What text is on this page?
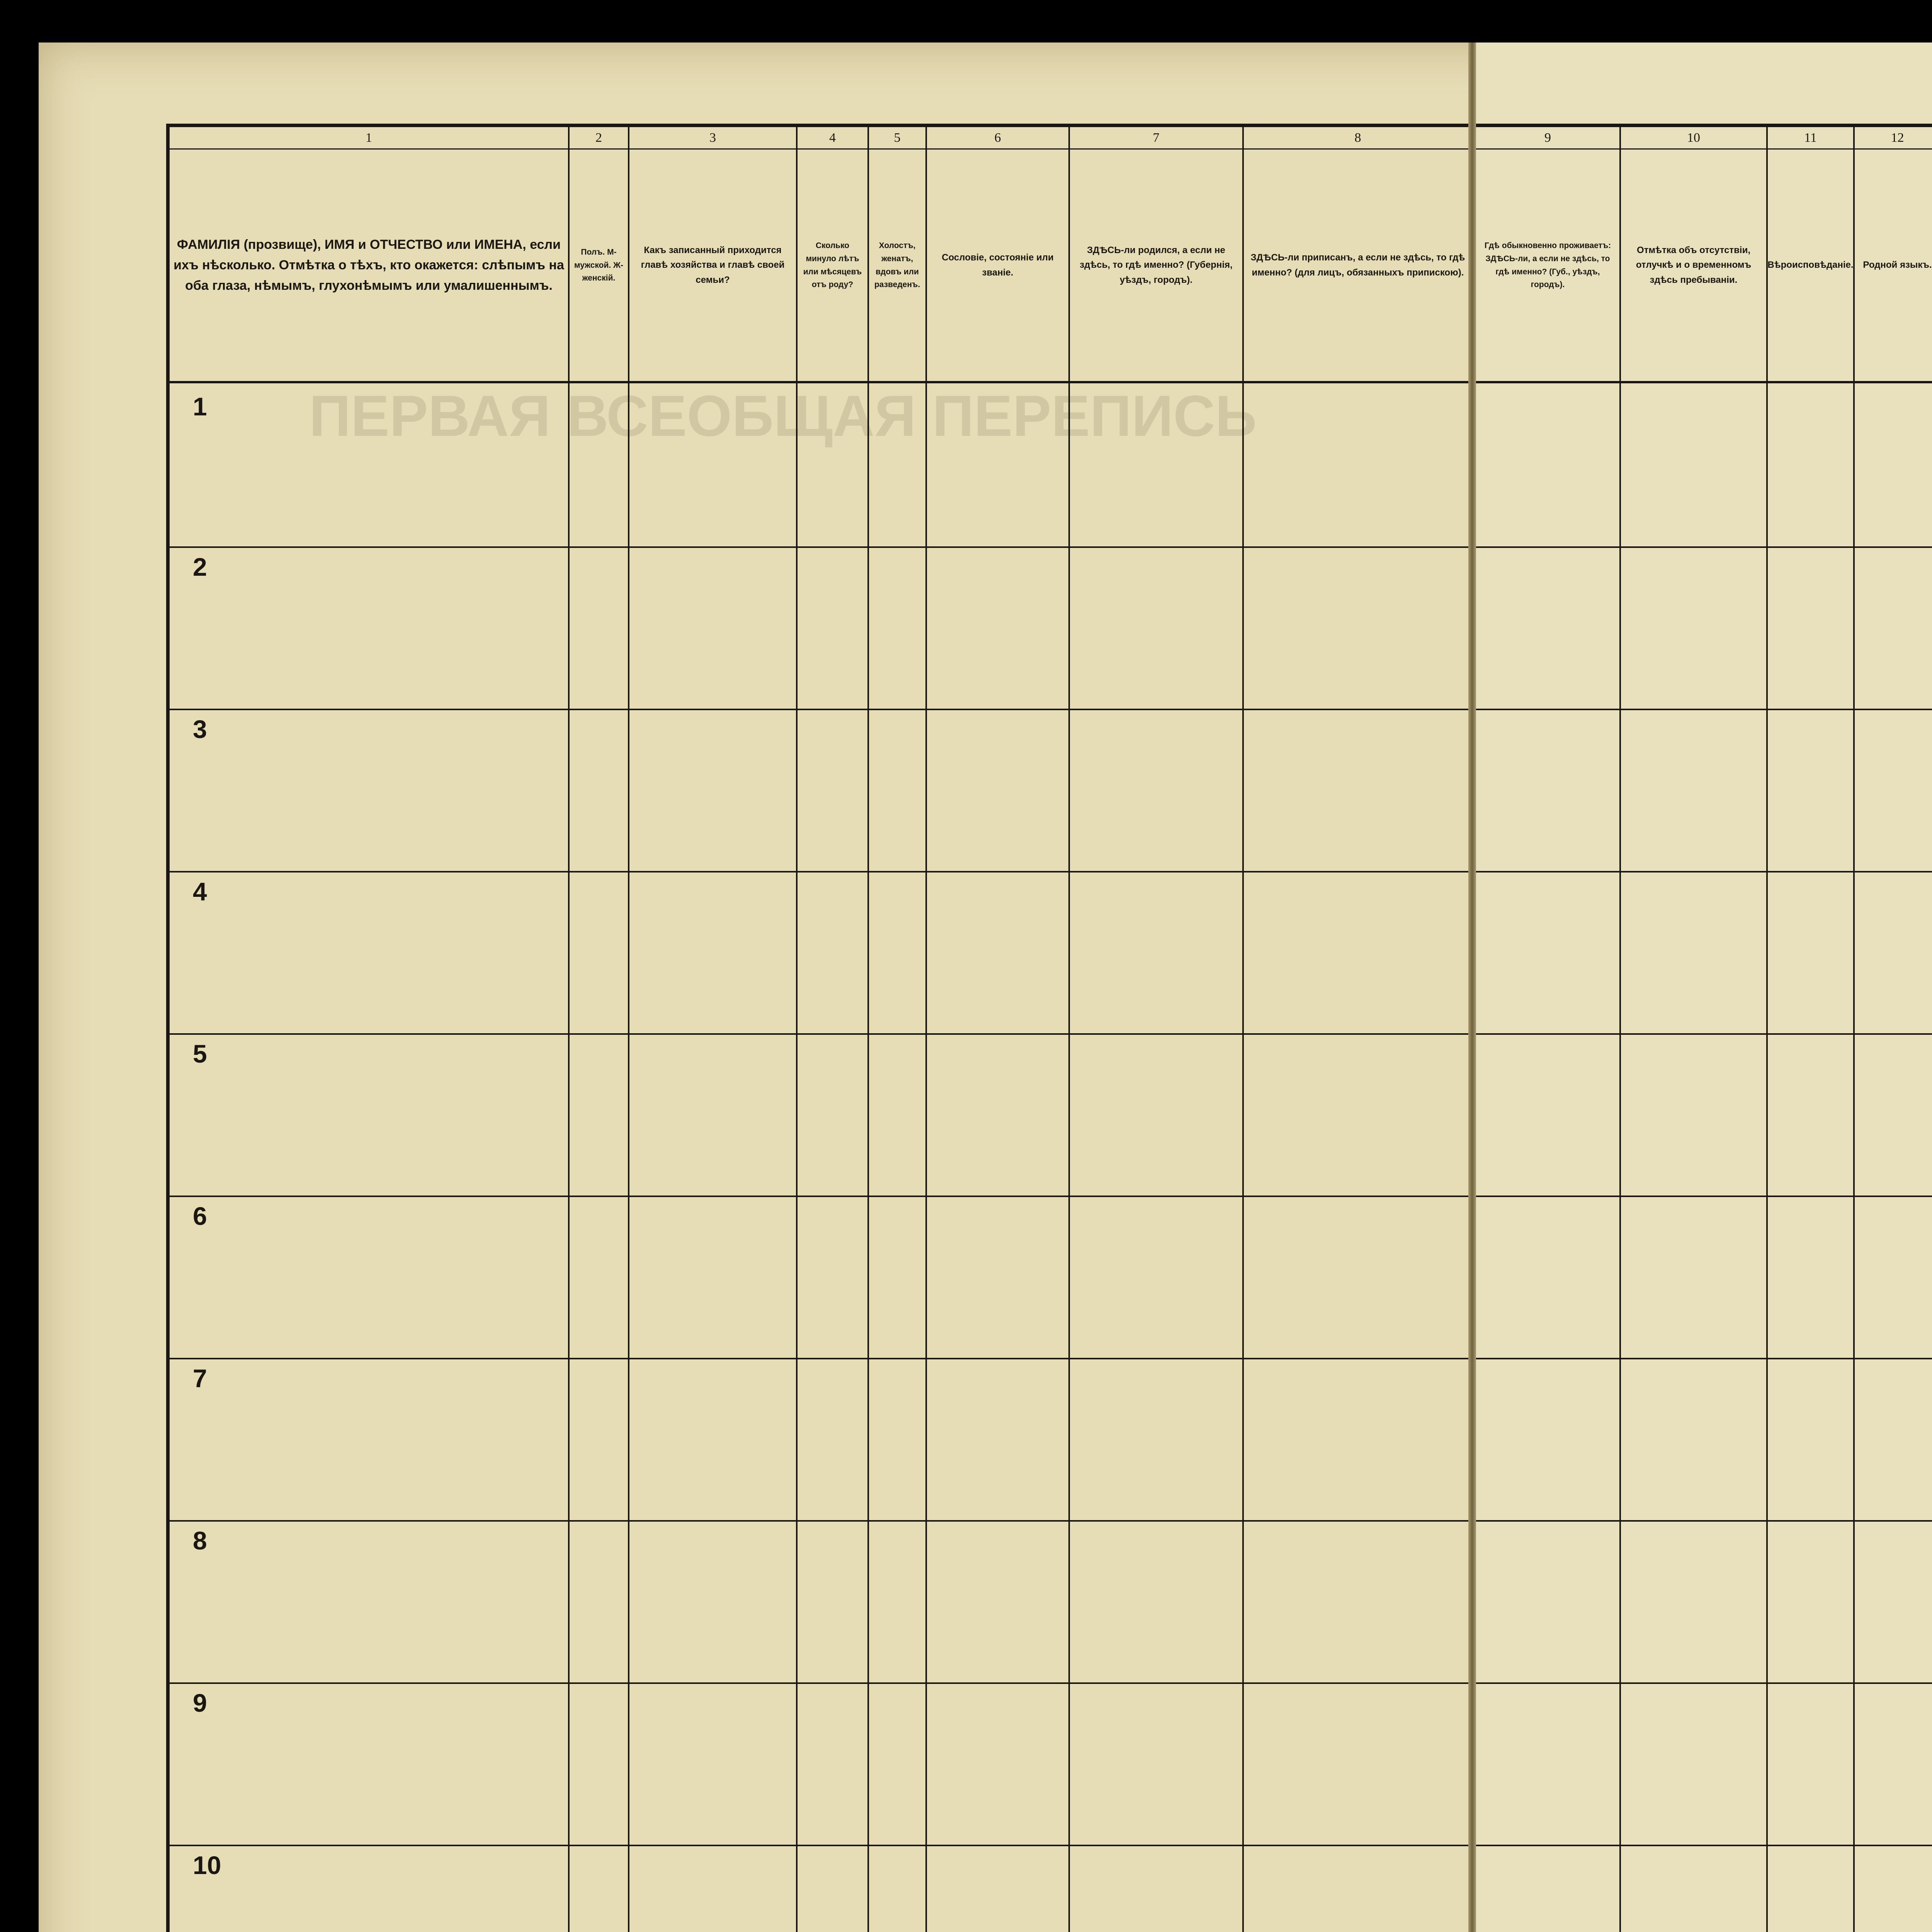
ПЕРВАЯ ВСЕОБЩАЯ ПЕРЕПИСЬ
1
ФАМИЛІЯ (прозвище), ИМЯ и ОТЧЕСТВО или ИМЕНА, если ихъ нѣсколько. Отмѣтка о тѣхъ, кто окажется: слѣпымъ на оба глаза, нѣмымъ, глухонѣмымъ или умалишеннымъ.
2
Полъ. М-мужской. Ж-женскій.
3
Какъ записанный приходится главѣ хозяйства и главѣ своей семьи?
4
Сколько минуло лѣтъ или мѣсяцевъ отъ роду?
5
Холостъ, женатъ, вдовъ или разведенъ.
6
Сословіе, состояніе или званіе.
7
ЗДѢСЬ-ли родился, а если не здѣсь, то гдѣ именно? (Губернія, уѣздъ, городъ).
8
ЗДѢСЬ-ли приписанъ, а если не здѣсь, то гдѣ именно? (для лицъ, обязанныхъ припискою).
1
2
3
4
5
6
7
8
9
10
9
Гдѣ обыкновенно проживаетъ: ЗДѢСЬ-ли, а если не здѣсь, то гдѣ именно? (Губ., уѣздъ, городъ).
10
Отмѣтка объ отсутствіи, отлучкѣ и о временномъ здѣсь пребываніи.
11
Вѣроисповѣданіе.
12
Родной языкъ.
